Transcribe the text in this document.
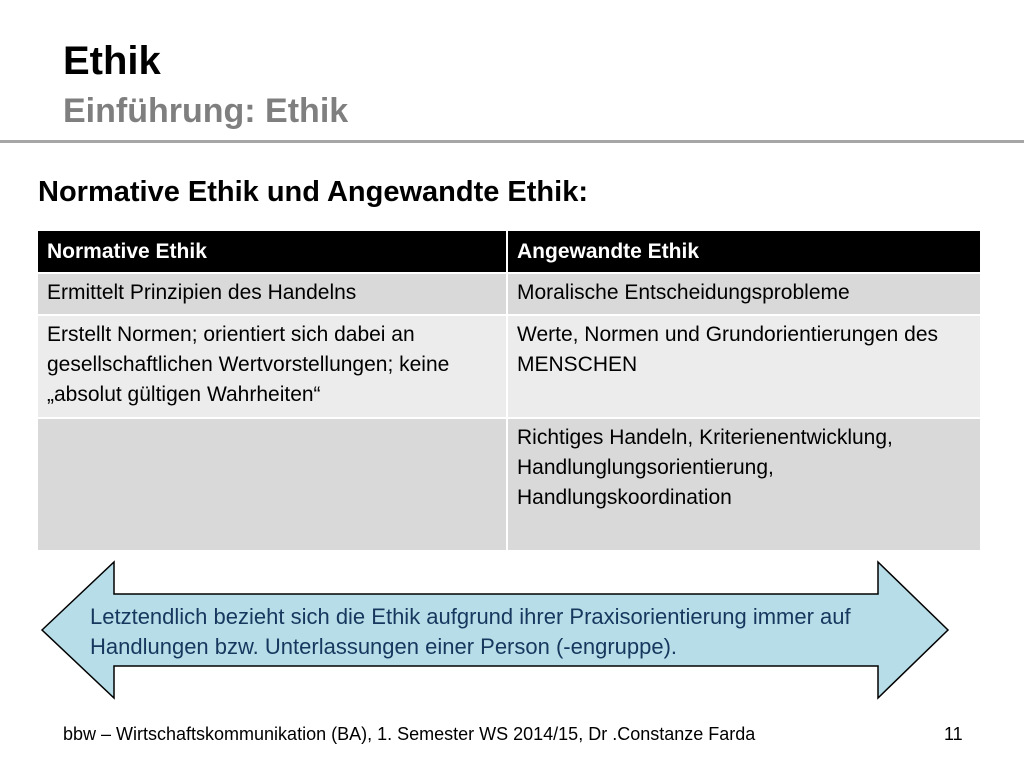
Ethik
Einführung: Ethik
Normative Ethik und Angewandte Ethik:
Normative Ethik	Angewandte Ethik
Ermittelt Prinzipien des Handelns	Moralische Entscheidungsprobleme
Erstellt Normen; orientiert sich dabei an gesellschaftlichen Wertvorstellungen; keine „absolut gültigen Wahrheiten“	Werte, Normen und Grundorientierungen des MENSCHEN
	Richtiges Handeln, Kriterienentwicklung, Handlunglungsorientierung, Handlungskoordination

Letztendlich bezieht sich die Ethik aufgrund ihrer Praxisorientierung immer auf Handlungen bzw. Unterlassungen einer Person (-engruppe).

bbw – Wirtschaftskommunikation (BA), 1. Semester WS 2014/15, Dr .Constanze Farda	11
